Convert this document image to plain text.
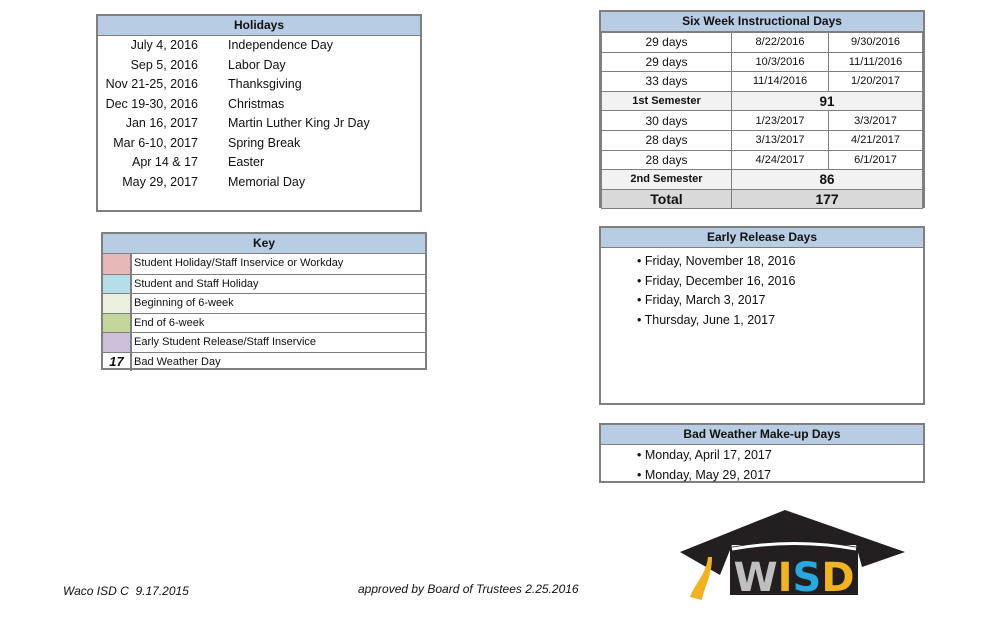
Holidays
July 4, 2016 Independence Day
Sep 5, 2016 Labor Day
Nov 21-25, 2016 Thanksgiving
Dec 19-30, 2016 Christmas
Jan 16, 2017 Martin Luther King Jr Day
Mar 6-10, 2017 Spring Break
Apr 14 & 17 Easter
May 29, 2017 Memorial Day
Key
Student Holiday/Staff Inservice or Workday
Student and Staff Holiday
Beginning of 6-week
End of 6-week
Early Student Release/Staff Inservice
17 Bad Weather Day
Six Week Instructional Days
29 days	8/22/2016	9/30/2016
29 days	10/3/2016	11/11/2016
33 days	11/14/2016	1/20/2017
1st Semester	91	
30 days	1/23/2017	3/3/2017
28 days	3/13/2017	4/21/2017
28 days	4/24/2017	6/1/2017
2nd Semester	86	
Total	177	
Early Release Days
• Friday, November 18, 2016
• Friday, December 16, 2016
• Friday, March 3, 2017
• Thursday, June 1, 2017
Bad Weather Make-up Days
• Monday, April 17, 2017
• Monday, May 29, 2017
Waco ISD C  9.17.2015	approved by Board of Trustees 2.25.2016	WISD
